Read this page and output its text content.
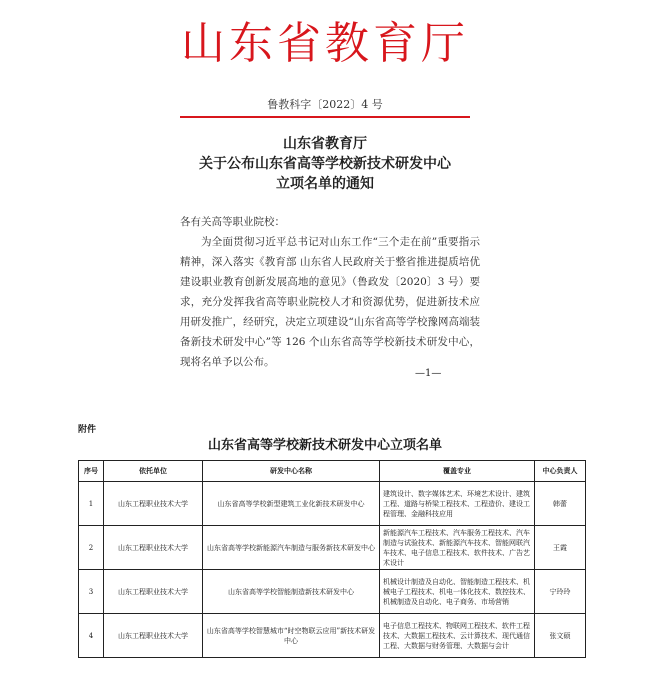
山东省教育厅
鲁教科字〔2022〕4 号
山东省教育厅
关于公布山东省高等学校新技术研发中心
立项名单的通知
各有关高等职业院校：
为全面贯彻习近平总书记对山东工作“三个走在前”重要指示精神，深入落实《教育部 山东省人民政府关于整省推进提质培优建设职业教育创新发展高地的意见》（鲁政发〔2020〕3 号）要求，充分发挥我省高等职业院校人才和资源优势，促进新技术应用研发推广，经研究，决定立项建设“山东省高等学校豫网高端装备新技术研发中心”等 126 个山东省高等学校新技术研发中心，现将名单予以公布。
—1—
附件
山东省高等学校新技术研发中心立项名单
序号	依托单位	研发中心名称	覆盖专业	中心负责人
1	山东工程职业技术大学	山东省高等学校新型建筑工业化新技术研发中心	建筑设计、数字媒体艺术、环境艺术设计、建筑工程、道路与桥梁工程技术、工程造价、建设工程管理、金融科技应用	韩蕾
2	山东工程职业技术大学	山东省高等学校新能源汽车制造与服务新技术研发中心	新能源汽车工程技术、汽车服务工程技术、汽车制造与试验技术、新能源汽车技术、智能网联汽车技术、电子信息工程技术、软件技术、广告艺术设计	王霞
3	山东工程职业技术大学	山东省高等学校智能制造新技术研发中心	机械设计制造及自动化、智能制造工程技术、机械电子工程技术、机电一体化技术、数控技术、机械制造及自动化、电子商务、市场营销	宁玲玲
4	山东工程职业技术大学	山东省高等学校智慧城市“时空物联云应用”新技术研发中心	电子信息工程技术、物联网工程技术、软件工程技术、大数据工程技术、云计算技术、现代通信工程、大数据与财务管理、大数据与会计	张文硕
